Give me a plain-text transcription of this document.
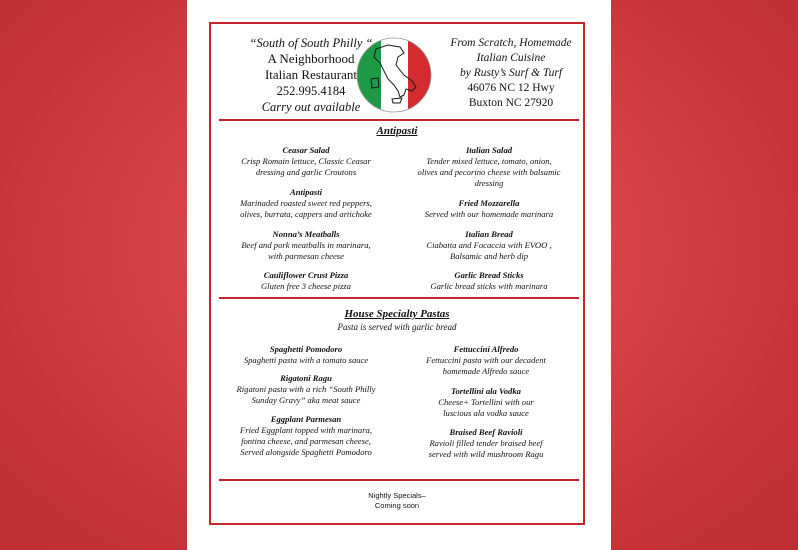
“South of South Philly “
A Neighborhood
Italian Restaurant
252.995.4184
Carry out available
From Scratch, Homemade
Italian Cuisine
by Rusty’s Surf & Turf
46076 NC 12 Hwy
Buxton NC 27920
Antipasti
Ceasar Salad
Crisp Romain lettuce, Classic Ceasar
dressing and garlic Croutons
Antipasti
Marinaded roasted sweet red peppers,
olives, burrata, cappers and artichoke
Nonna’s Meatballs
Beef and pork meatballs in marinara,
with parmesan cheese
Cauliflower Crust Pizza
Gluten free 3 cheese pizza
Italian Salad
Tender mixed lettuce, tomato, onion,
olives and pecorino cheese with balsamic
dressing
Fried Mozzarella
Served with our homemade marinara
Italian Bread
Ciabatta and Focaccia with EVOO ,
Balsamic and herb dip
Garlic Bread Sticks
Garlic bread sticks with marinara
House Specialty Pastas
Pasta is served with garlic bread
Spaghetti Pomodoro
Spaghetti pasta with a tomato sauce
Rigatoni Ragu
Rigatoni pasta with a rich “South Philly
Sunday Gravy” aka meat sauce
Eggplant Parmesan
Fried Eggplant topped with marinara,
fontina cheese, and parmesan cheese,
Served alongside Spaghetti Pomodoro
Fettuccini Alfredo
Fettuccini pasta with our decadent
homemade Alfredo sauce
Tortellini ala Vodka
Cheese+ Tortellini with our
luscious ala vodka sauce
Braised Beef Ravioli
Ravioli filled tender braised beef
served with wild mushroom Ragu
Nightly Specials–
Coming soon
